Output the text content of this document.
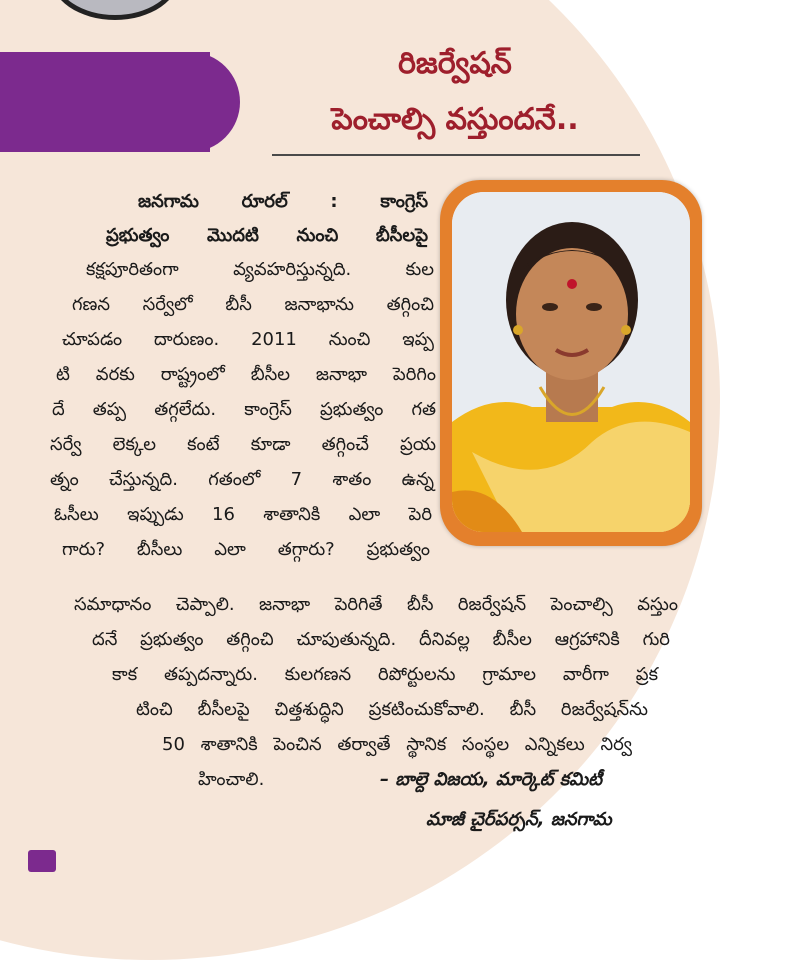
రిజర్వేషన్
పెంచాల్సి వస్తుందనే..
జనగామ రూరల్ : కాంగ్రెస్
ప్రభుత్వం మొదటి నుంచి బీసీలపై
కక్షపూరితంగా వ్యవహరిస్తున్నది. కుల
గణన సర్వేలో బీసీ జనాభాను తగ్గించి
చూపడం దారుణం. 2011 నుంచి ఇప్ప
టి వరకు రాష్ట్రంలో బీసీల జనాభా పెరిగిం
దే తప్ప తగ్గలేదు. కాంగ్రెస్ ప్రభుత్వం గత
సర్వే లెక్కల కంటే కూడా తగ్గించే ప్రయ
త్నం చేస్తున్నది. గతంలో 7 శాతం ఉన్న
ఓసీలు ఇప్పుడు 16 శాతానికి ఎలా పెరి
గారు? బీసీలు ఎలా తగ్గారు? ప్రభుత్వం
సమాధానం చెప్పాలి. జనాభా పెరిగితే బీసీ రిజర్వేషన్ పెంచాల్సి వస్తుం
దనే ప్రభుత్వం తగ్గించి చూపుతున్నది. దీనివల్ల బీసీల ఆగ్రహానికి గురి
కాక తప్పదన్నారు. కులగణన రిపోర్టులను గ్రామాల వారీగా ప్రక
టించి బీసీలపై చిత్తశుద్ధిని ప్రకటించుకోవాలి. బీసీ రిజర్వేషన్‌ను
50 శాతానికి పెంచిన తర్వాతే స్థానిక సంస్థల ఎన్నికలు నిర్వ
హించాలి.	– బాల్దె విజయ, మార్కెట్ కమిటీ
మాజీ చైర్‌పర్సన్, జనగామ
